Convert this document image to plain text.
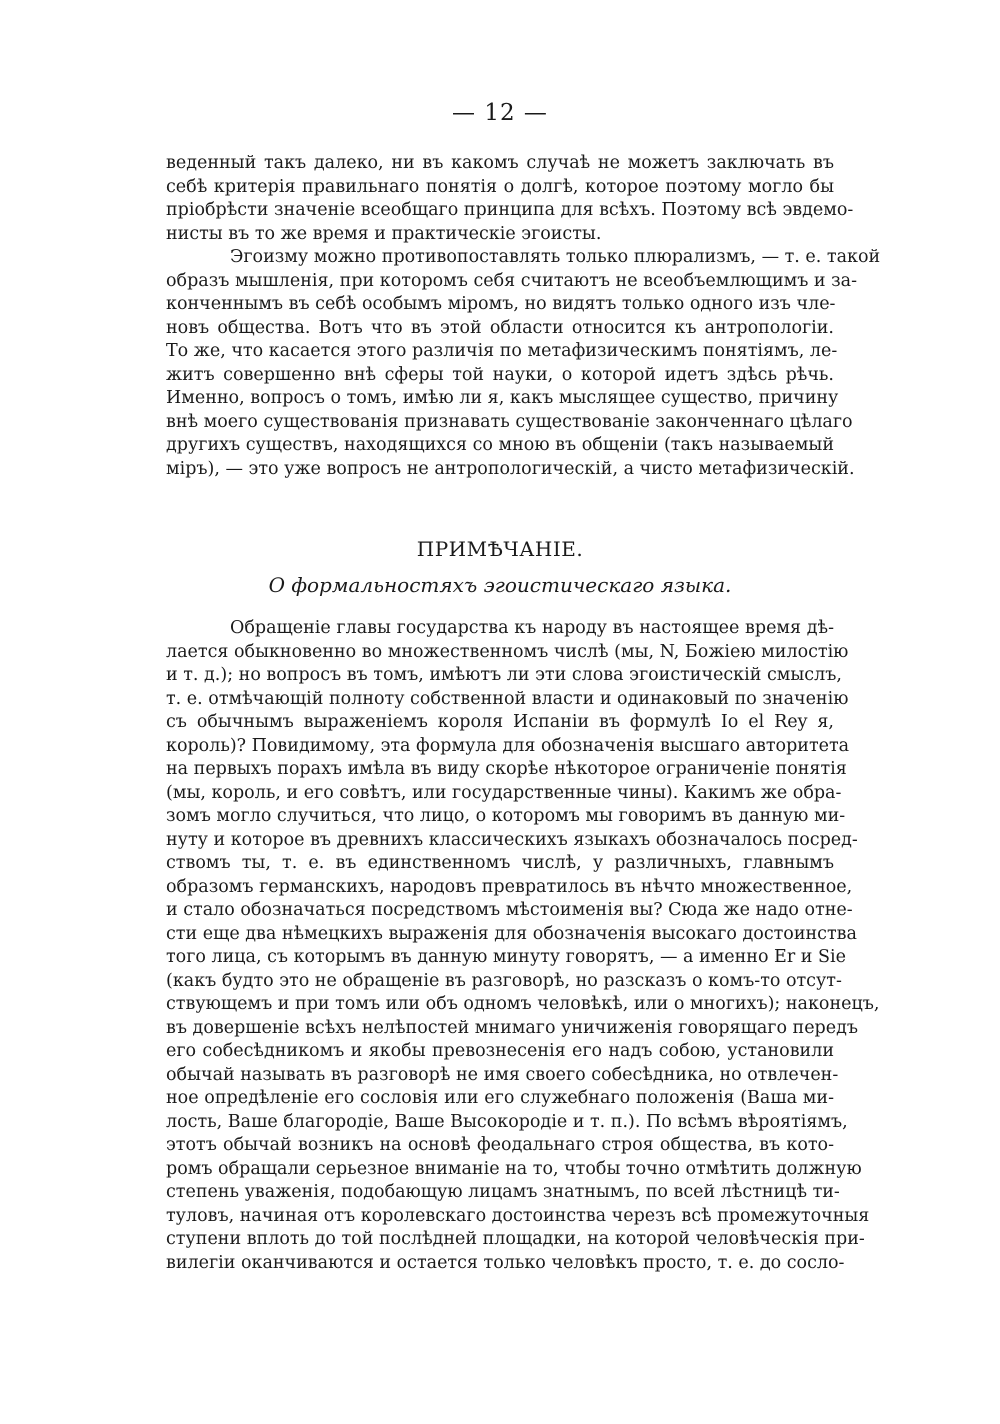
— 12 —
веденный такъ далеко, ни въ какомъ случаѣ не можетъ заключать въ
себѣ критерія правильнаго понятія о долгѣ, которое поэтому могло бы
пріобрѣсти значеніе всеобщаго принципа для всѣхъ. Поэтому всѣ эвдемо-
нисты въ то же время и практическіе эгоисты.
Эгоизму можно противопоставлять только плюрализмъ, — т. е. такой
образъ мышленія, при которомъ себя считаютъ не всеобъемлющимъ и за-
конченнымъ въ себѣ особымъ міромъ, но видятъ только одного изъ чле-
новъ общества. Вотъ что въ этой области относится къ антропологіи.
То же, что касается этого различія по метафизическимъ понятіямъ, ле-
житъ совершенно внѣ сферы той науки, о которой идетъ здѣсь рѣчь.
Именно, вопросъ о томъ, имѣю ли я, какъ мыслящее существо, причину
внѣ моего существованія признавать существованіе законченнаго цѣлаго
другихъ существъ, находящихся со мною въ общеніи (такъ называемый
міръ), — это уже вопросъ не антропологическій, а чисто метафизическій.
ПРИМѢЧАНІЕ.
О формальностяхъ эгоистическаго языка.
Обращеніе главы государства къ народу въ настоящее время дѣ-
лается обыкновенно во множественномъ числѣ (мы, N, Божіею милостію
и т. д.); но вопросъ въ томъ, имѣютъ ли эти слова эгоистическій смыслъ,
т. е. отмѣчающій полноту собственной власти и одинаковый по значенію
съ обычнымъ выраженіемъ короля Испаніи въ формулѣ Io el Rey я,
король)? Повидимому, эта формула для обозначенія высшаго авторитета
на первыхъ порахъ имѣла въ виду скорѣе нѣкоторое ограниченіе понятія
(мы, король, и его совѣтъ, или государственные чины). Какимъ же обра-
зомъ могло случиться, что лицо, о которомъ мы говоримъ въ данную ми-
нуту и которое въ древнихъ классическихъ языкахъ обозначалось посред-
ствомъ ты, т. е. въ единственномъ числѣ, у различныхъ, главнымъ
образомъ германскихъ, народовъ превратилось въ нѣчто множественное,
и стало обозначаться посредствомъ мѣстоименія вы? Сюда же надо отне-
сти еще два нѣмецкихъ выраженія для обозначенія высокаго достоинства
того лица, съ которымъ въ данную минуту говорятъ, — а именно Er и Sie
(какъ будто это не обращеніе въ разговорѣ, но разсказъ о комъ-то отсут-
ствующемъ и при томъ или объ одномъ человѣкѣ, или о многихъ); наконецъ,
въ довершеніе всѣхъ нелѣпостей мнимаго уничиженія говорящаго передъ
его собесѣдникомъ и якобы превознесенія его надъ собою, установили
обычай называть въ разговорѣ не имя своего собесѣдника, но отвлечен-
ное опредѣленіе его сословія или его служебнаго положенія (Ваша ми-
лость, Ваше благородіе, Ваше Высокородіе и т. п.). По всѣмъ вѣроятіямъ,
этотъ обычай возникъ на основѣ феодальнаго строя общества, въ кото-
ромъ обращали серьезное вниманіе на то, чтобы точно отмѣтить должную
степень уваженія, подобающую лицамъ знатнымъ, по всей лѣстницѣ ти-
туловъ, начиная отъ королевскаго достоинства черезъ всѣ промежуточныя
ступени вплоть до той послѣдней площадки, на которой человѣческія при-
вилегіи оканчиваются и остается только человѣкъ просто, т. е. до сосло-
